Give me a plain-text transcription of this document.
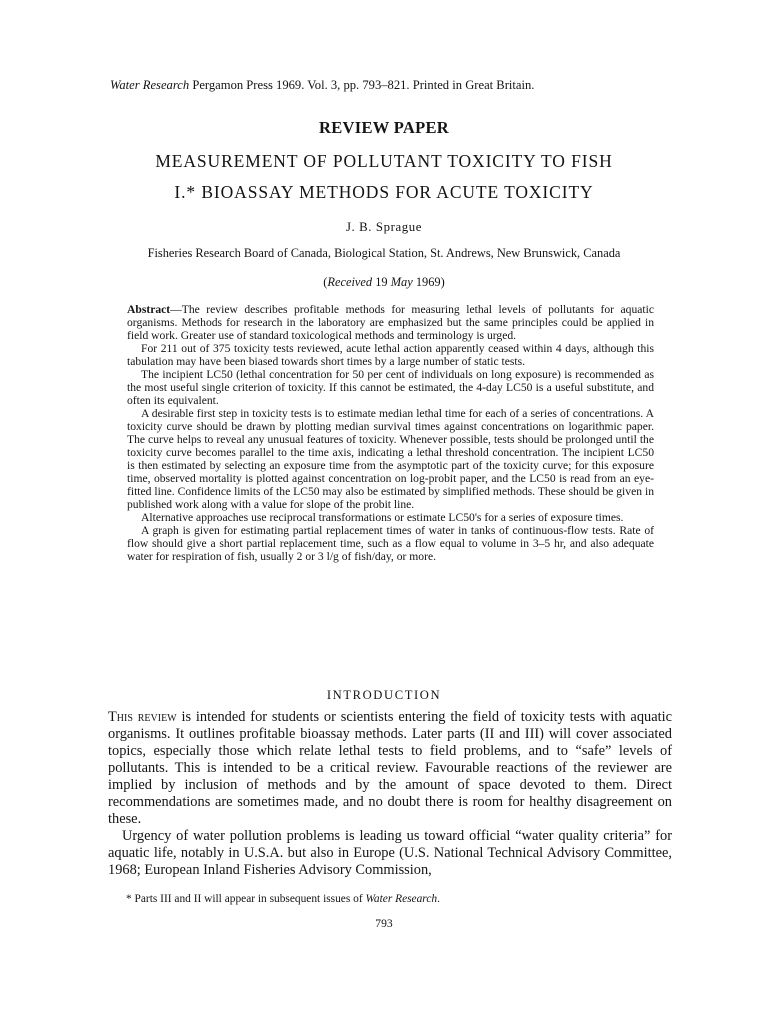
Water Research Pergamon Press 1969. Vol. 3, pp. 793–821. Printed in Great Britain.
REVIEW PAPER
MEASUREMENT OF POLLUTANT TOXICITY TO FISH
I.* BIOASSAY METHODS FOR ACUTE TOXICITY
J. B. Sprague
Fisheries Research Board of Canada, Biological Station, St. Andrews, New Brunswick, Canada
(Received 19 May 1969)

Abstract—The review describes profitable methods for measuring lethal levels of pollutants for aquatic organisms. Methods for research in the laboratory are emphasized but the same principles could be applied in field work. Greater use of standard toxicological methods and terminology is urged.

For 211 out of 375 toxicity tests reviewed, acute lethal action apparently ceased within 4 days, although this tabulation may have been biased towards short times by a large number of static tests.

The incipient LC50 (lethal concentration for 50 per cent of individuals on long exposure) is recommended as the most useful single criterion of toxicity. If this cannot be estimated, the 4-day LC50 is a useful substitute, and often its equivalent.

A desirable first step in toxicity tests is to estimate median lethal time for each of a series of concentrations. A toxicity curve should be drawn by plotting median survival times against concentrations on logarithmic paper. The curve helps to reveal any unusual features of toxicity. Whenever possible, tests should be prolonged until the toxicity curve becomes parallel to the time axis, indicating a lethal threshold concentration. The incipient LC50 is then estimated by selecting an exposure time from the asymptotic part of the toxicity curve; for this exposure time, observed mortality is plotted against concentration on log-probit paper, and the LC50 is read from an eye-fitted line. Confidence limits of the LC50 may also be estimated by simplified methods. These should be given in published work along with a value for slope of the probit line.

Alternative approaches use reciprocal transformations or estimate LC50's for a series of exposure times.

A graph is given for estimating partial replacement times of water in tanks of continuous-flow tests. Rate of flow should give a short partial replacement time, such as a flow equal to volume in 3–5 hr, and also adequate water for respiration of fish, usually 2 or 3 l/g of fish/day, or more.

INTRODUCTION

This review is intended for students or scientists entering the field of toxicity tests with aquatic organisms. It outlines profitable bioassay methods. Later parts (II and III) will cover associated topics, especially those which relate lethal tests to field problems, and to “safe” levels of pollutants. This is intended to be a critical review. Favourable reactions of the reviewer are implied by inclusion of methods and by the amount of space devoted to them. Direct recommendations are sometimes made, and no doubt there is room for healthy disagreement on these.

Urgency of water pollution problems is leading us toward official “water quality criteria” for aquatic life, notably in U.S.A. but also in Europe (U.S. National Technical Advisory Committee, 1968; European Inland Fisheries Advisory Commission,

* Parts III and II will appear in subsequent issues of Water Research.
793
